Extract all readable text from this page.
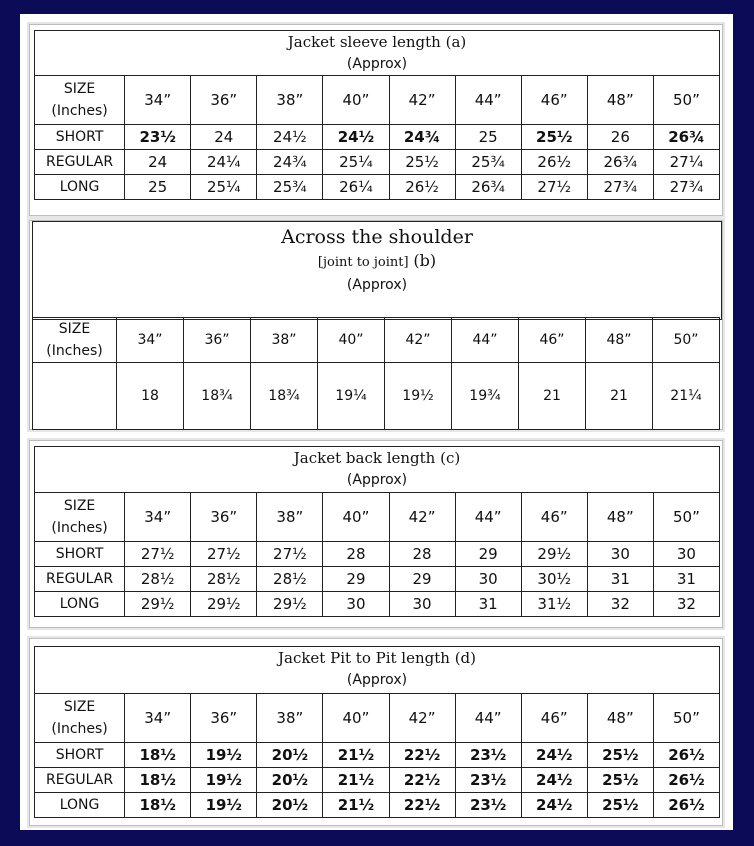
Jacket sleeve length (a)
(Approx)
SIZE (Inches)	34”	36”	38”	40”	42”	44”	46”	48”	50”
SHORT	23½	24	24½	24½	24¾	25	25½	26	26¾
REGULAR	24	24¼	24¾	25¼	25½	25¾	26½	26¾	27¼
LONG	25	25¼	25¾	26¼	26½	26¾	27½	27¾	27¾
Across the shoulder
[joint to joint] (b)
(Approx)
SIZE (Inches)	34”	36”	38”	40”	42”	44”	46”	48”	50”
	18	18¾	18¾	19¼	19½	19¾	21	21	21¼
Jacket back length (c)
(Approx)
SIZE (Inches)	34”	36”	38”	40”	42”	44”	46”	48”	50”
SHORT	27½	27½	27½	28	28	29	29½	30	30
REGULAR	28½	28½	28½	29	29	30	30½	31	31
LONG	29½	29½	29½	30	30	31	31½	32	32
Jacket Pit to Pit length (d)
(Approx)
SIZE (Inches)	34”	36”	38”	40”	42”	44”	46”	48”	50”
SHORT	18½	19½	20½	21½	22½	23½	24½	25½	26½
REGULAR	18½	19½	20½	21½	22½	23½	24½	25½	26½
LONG	18½	19½	20½	21½	22½	23½	24½	25½	26½
